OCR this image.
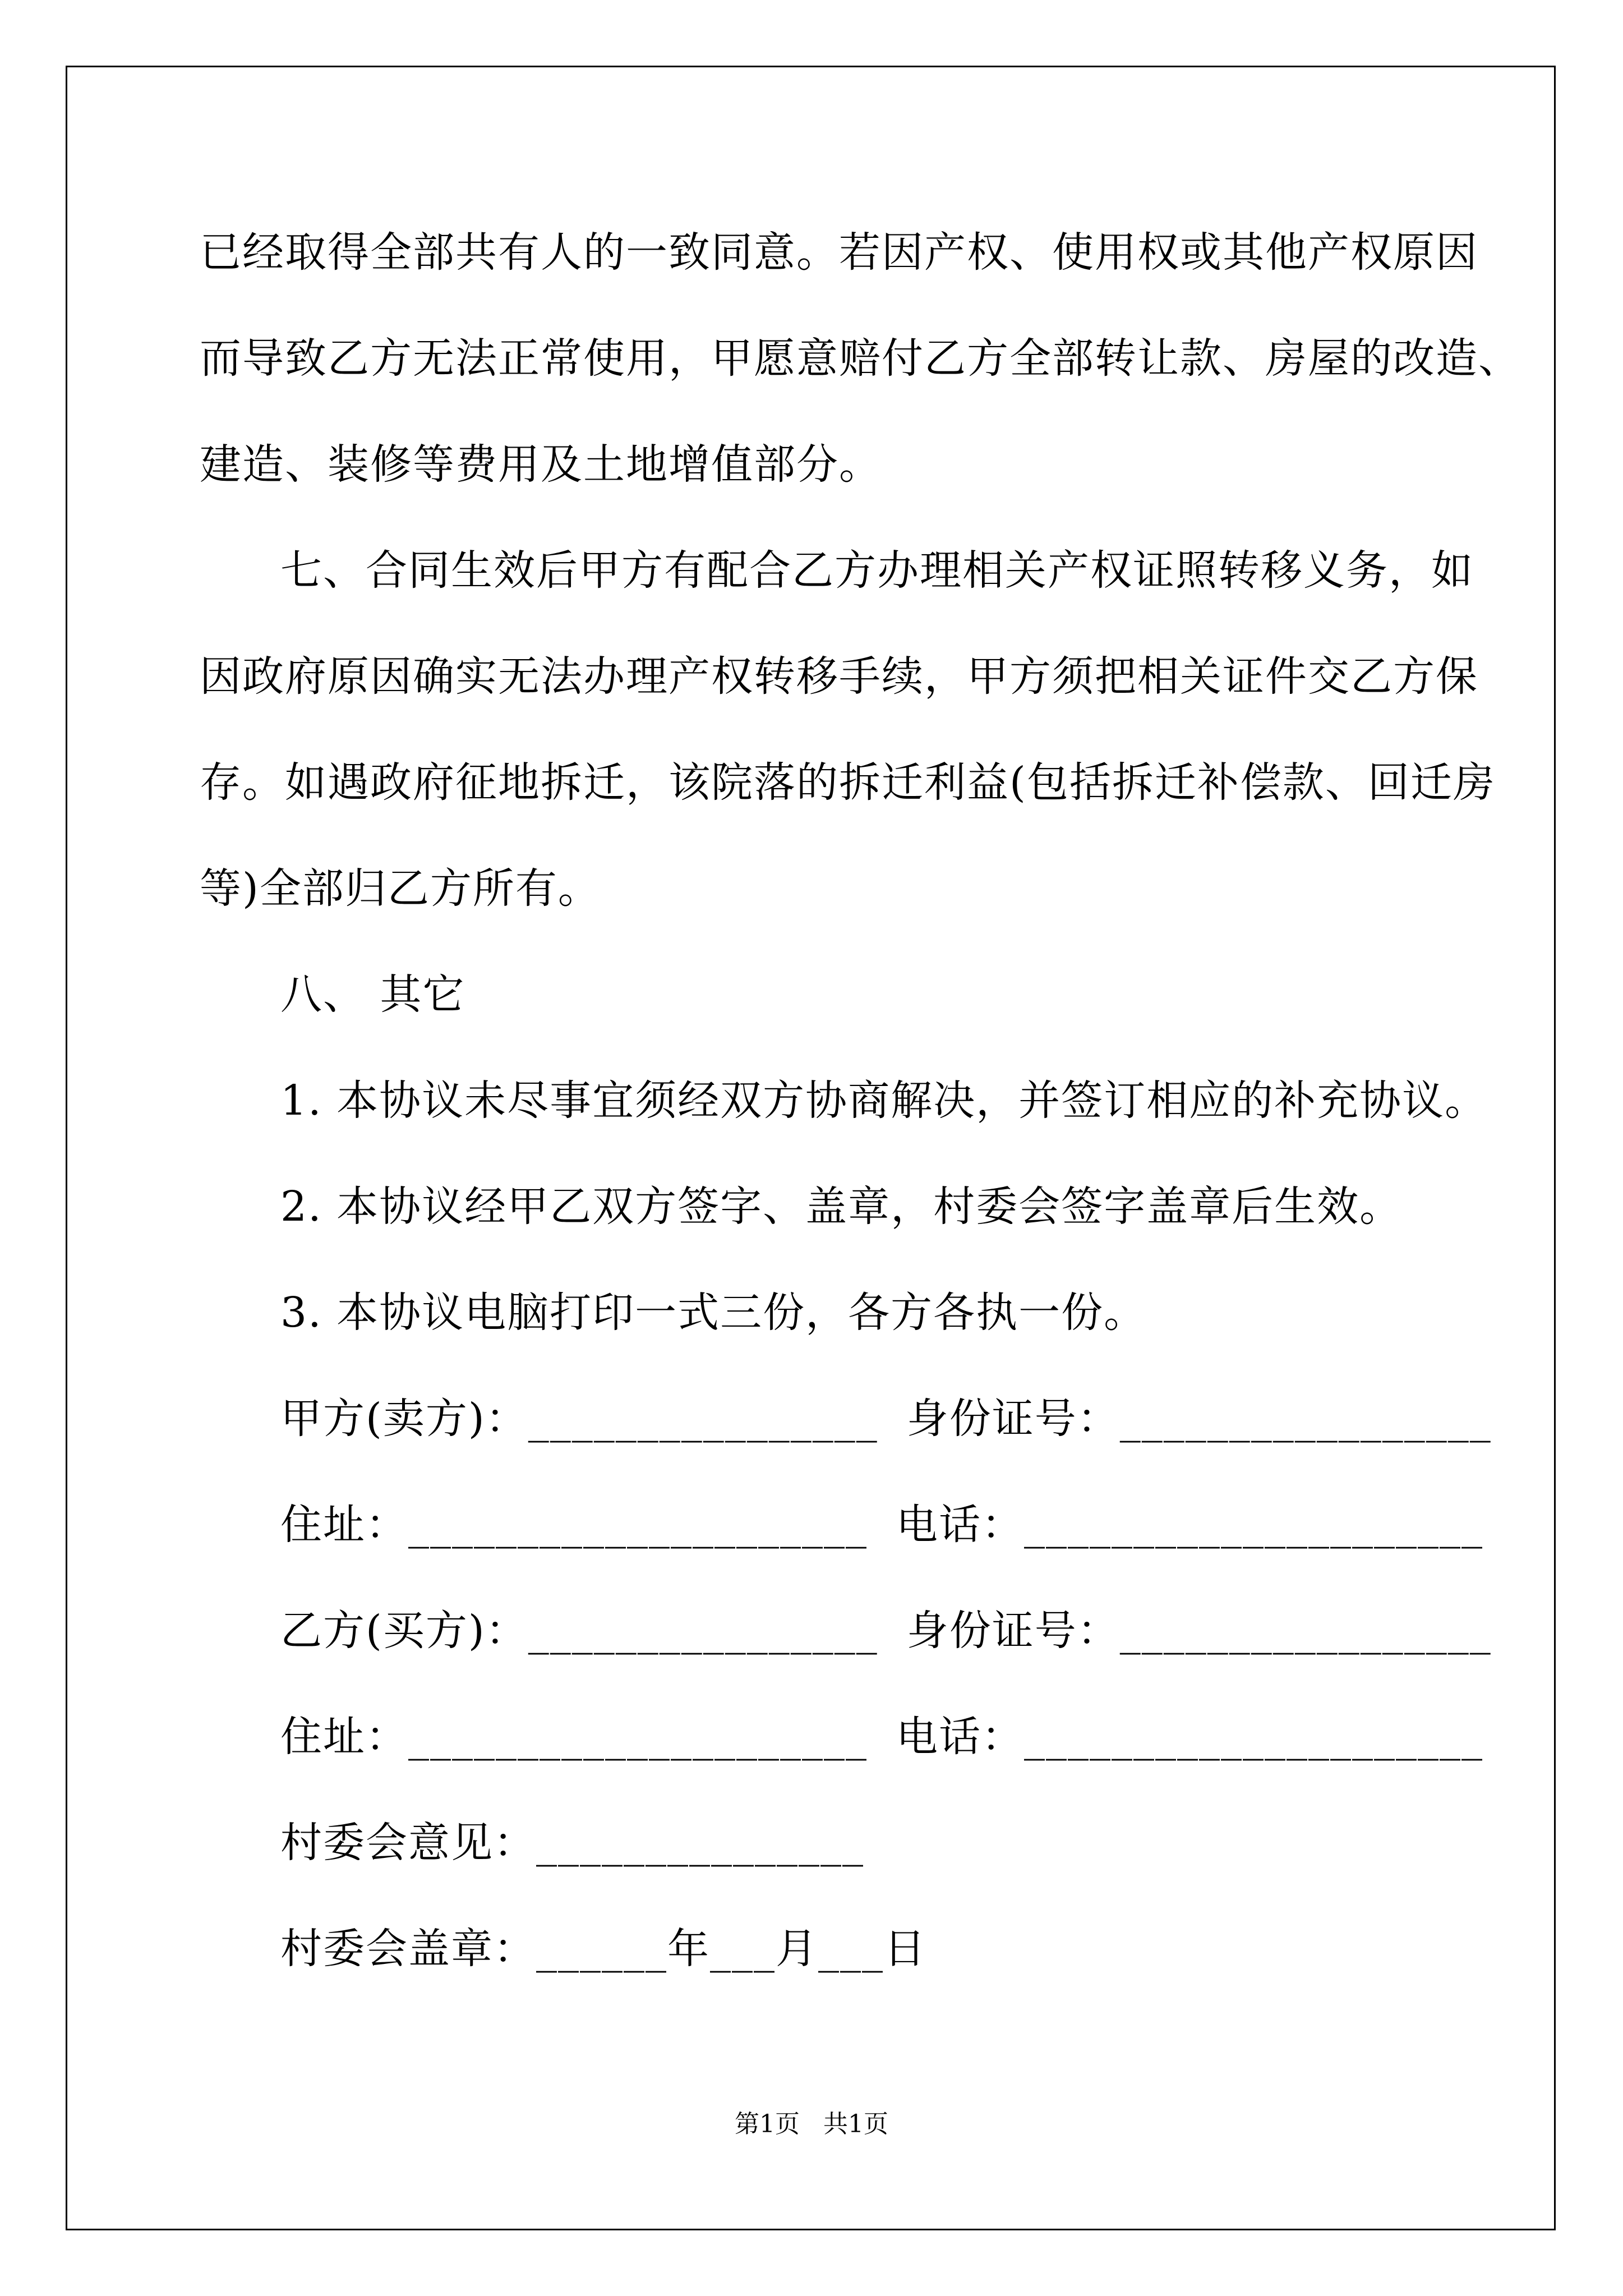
已经取得全部共有人的一致同意。若因产权、使用权或其他产权原因
而导致乙方无法正常使用，甲愿意赔付乙方全部转让款、房屋的改造、
建造、装修等费用及土地增值部分。
七、合同生效后甲方有配合乙方办理相关产权证照转移义务，如
因政府原因确实无法办理产权转移手续，甲方须把相关证件交乙方保
存。如遇政府征地拆迁，该院落的拆迁利益(包括拆迁补偿款、回迁房
等)全部归乙方所有。
八、 其它
1. 本协议未尽事宜须经双方协商解决，并签订相应的补充协议。
2. 本协议经甲乙双方签字、盖章，村委会签字盖章后生效。
3. 本协议电脑打印一式三份，各方各执一份。
甲方(卖方)：________________  身份证号：_________________
住址：_____________________  电话：_____________________
乙方(买方)：________________  身份证号：_________________
住址：_____________________  电话：_____________________
村委会意见：_______________
村委会盖章：______年___月___日
第1页   共1页
